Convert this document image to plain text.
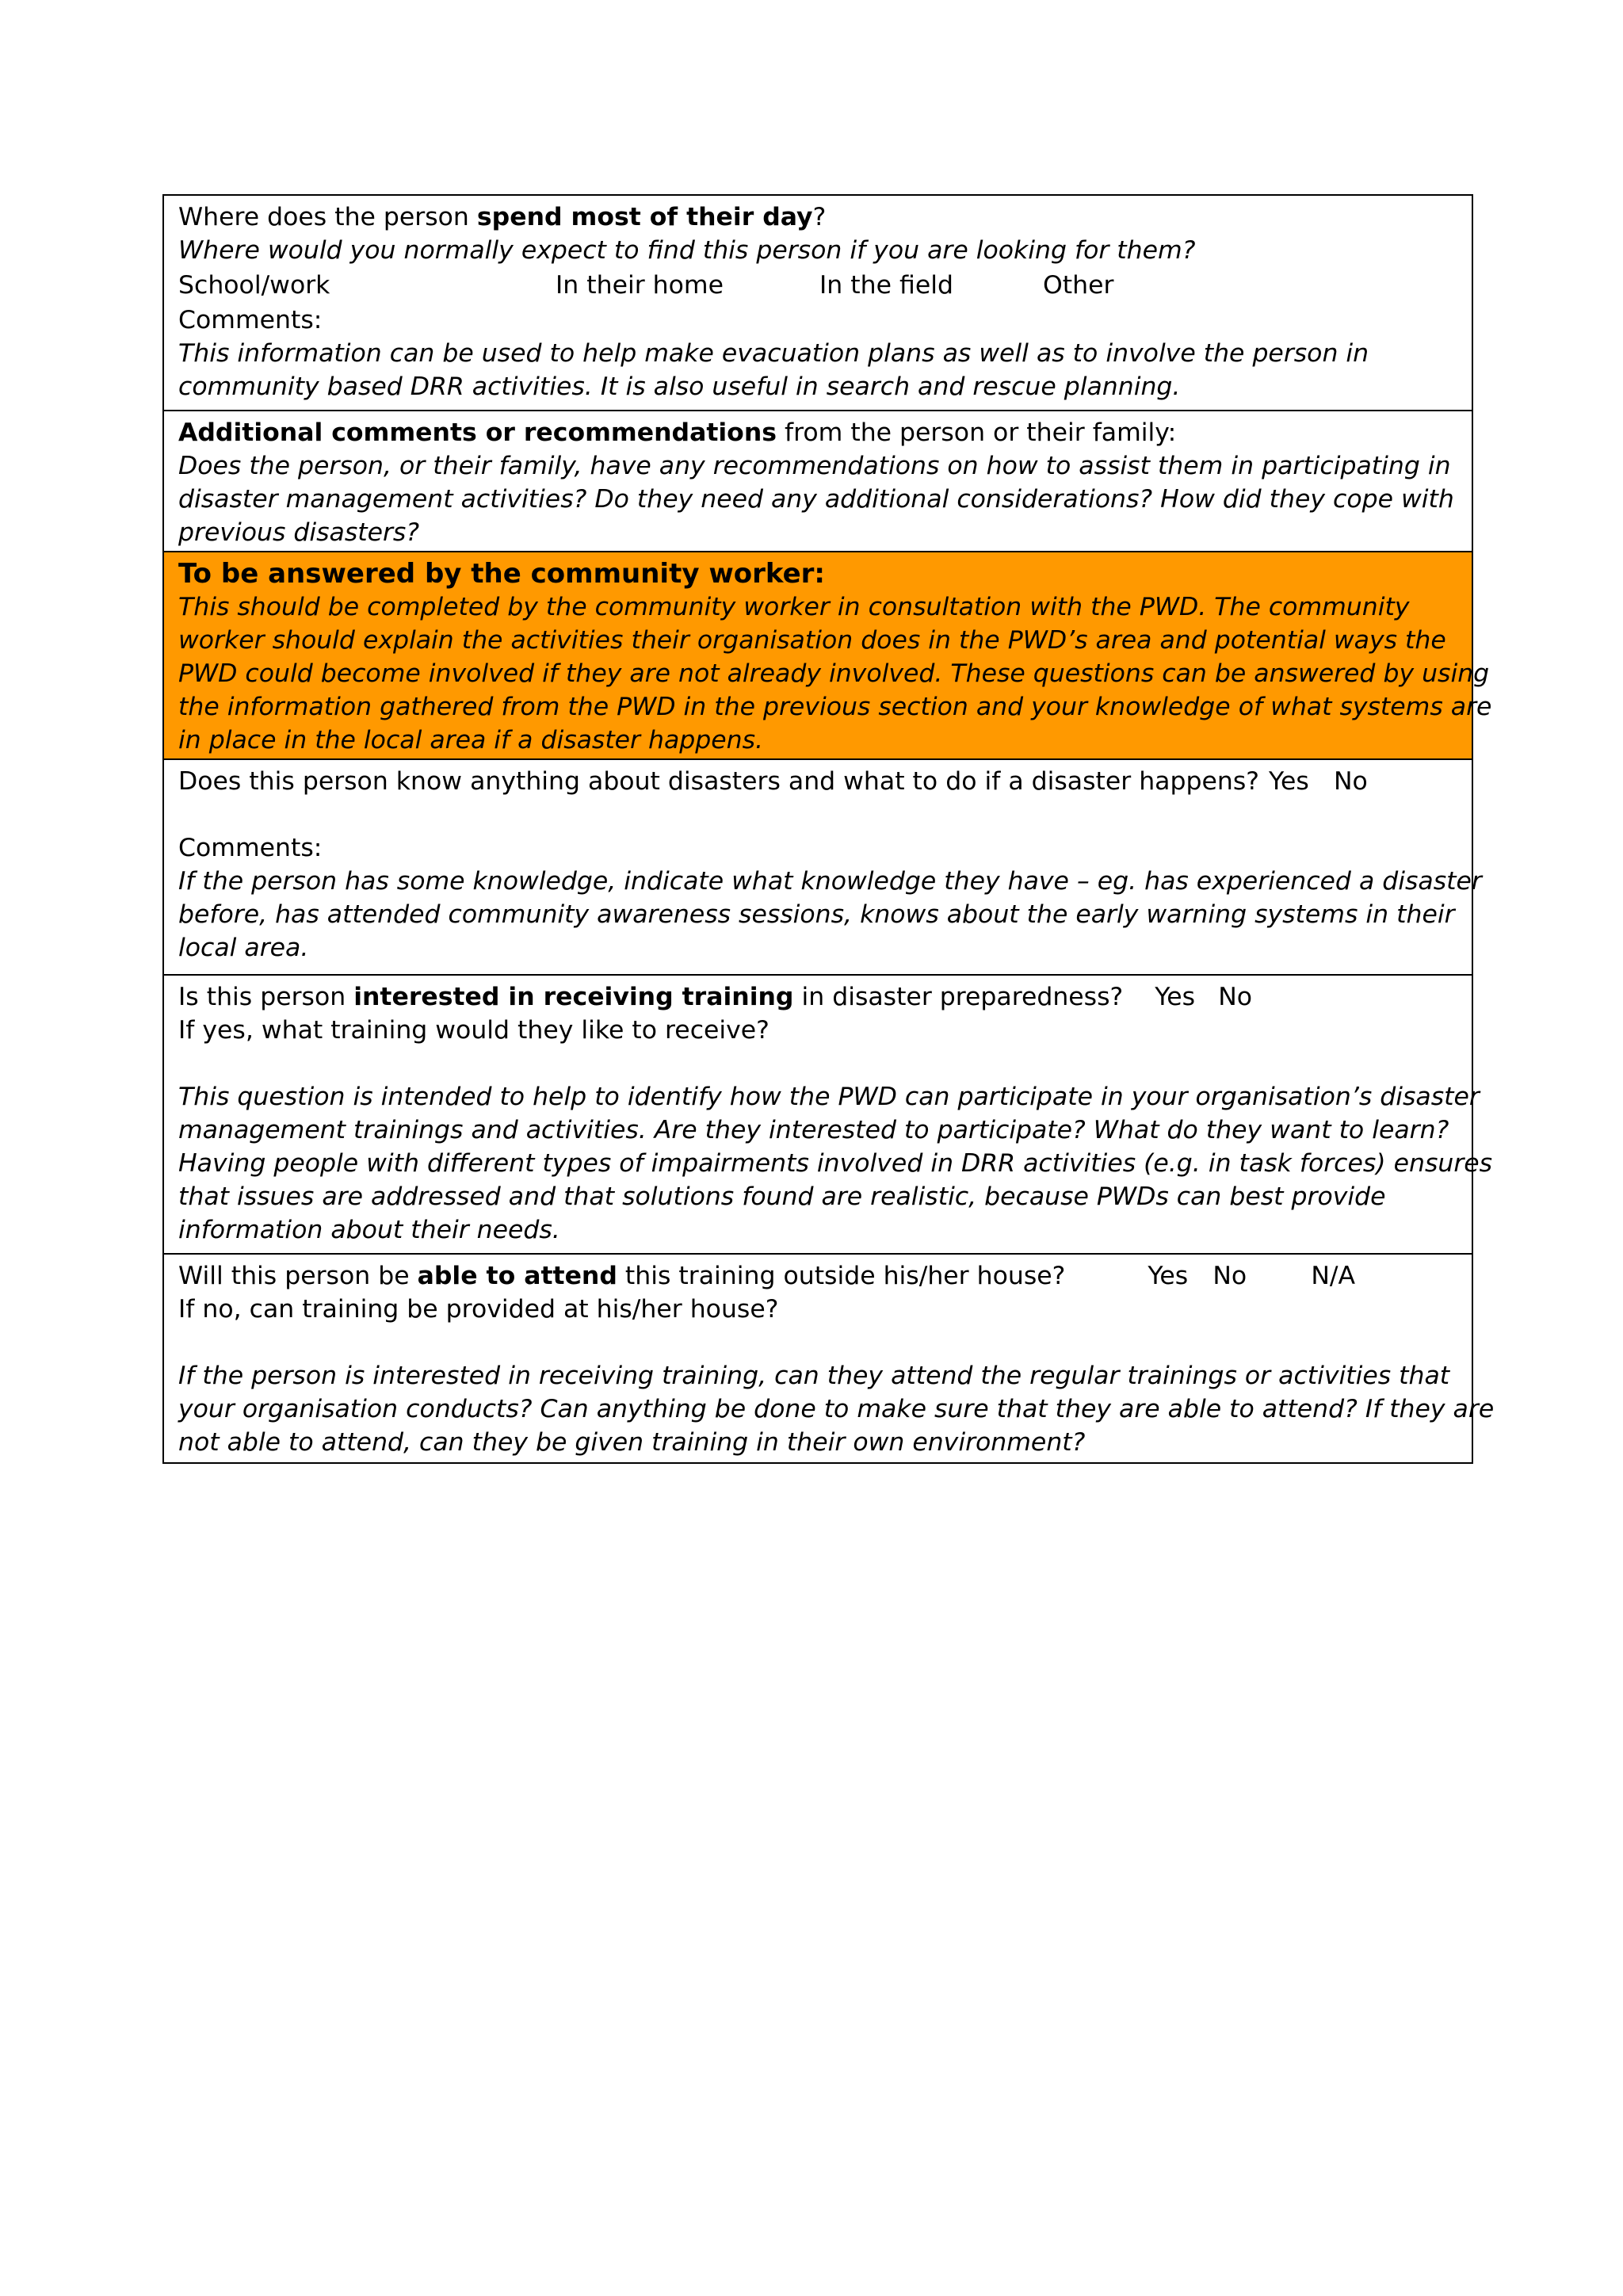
Where does the person spend most of their day?
Where would you normally expect to find this person if you are looking for them?
School/work	In their home	In the field	Other
Comments:
This information can be used to help make evacuation plans as well as to involve the person in
community based DRR activities. It is also useful in search and rescue planning.

Additional comments or recommendations from the person or their family:
Does the person, or their family, have any recommendations on how to assist them in participating in
disaster management activities? Do they need any additional considerations? How did they cope with
previous disasters?

To be answered by the community worker:
This should be completed by the community worker in consultation with the PWD. The community
worker should explain the activities their organisation does in the PWD’s area and potential ways the
PWD could become involved if they are not already involved. These questions can be answered by using
the information gathered from the PWD in the previous section and your knowledge of what systems are
in place in the local area if a disaster happens.

Does this person know anything about disasters and what to do if a disaster happens? Yes No
Comments:
If the person has some knowledge, indicate what knowledge they have – eg. has experienced a disaster
before, has attended community awareness sessions, knows about the early warning systems in their
local area.

Is this person interested in receiving training in disaster preparedness? Yes No
If yes, what training would they like to receive?
This question is intended to help to identify how the PWD can participate in your organisation’s disaster
management trainings and activities. Are they interested to participate? What do they want to learn?
Having people with different types of impairments involved in DRR activities (e.g. in task forces) ensures
that issues are addressed and that solutions found are realistic, because PWDs can best provide
information about their needs.

Will this person be able to attend this training outside his/her house?	Yes No	N/A
If no, can training be provided at his/her house?
If the person is interested in receiving training, can they attend the regular trainings or activities that
your organisation conducts? Can anything be done to make sure that they are able to attend? If they are
not able to attend, can they be given training in their own environment?
